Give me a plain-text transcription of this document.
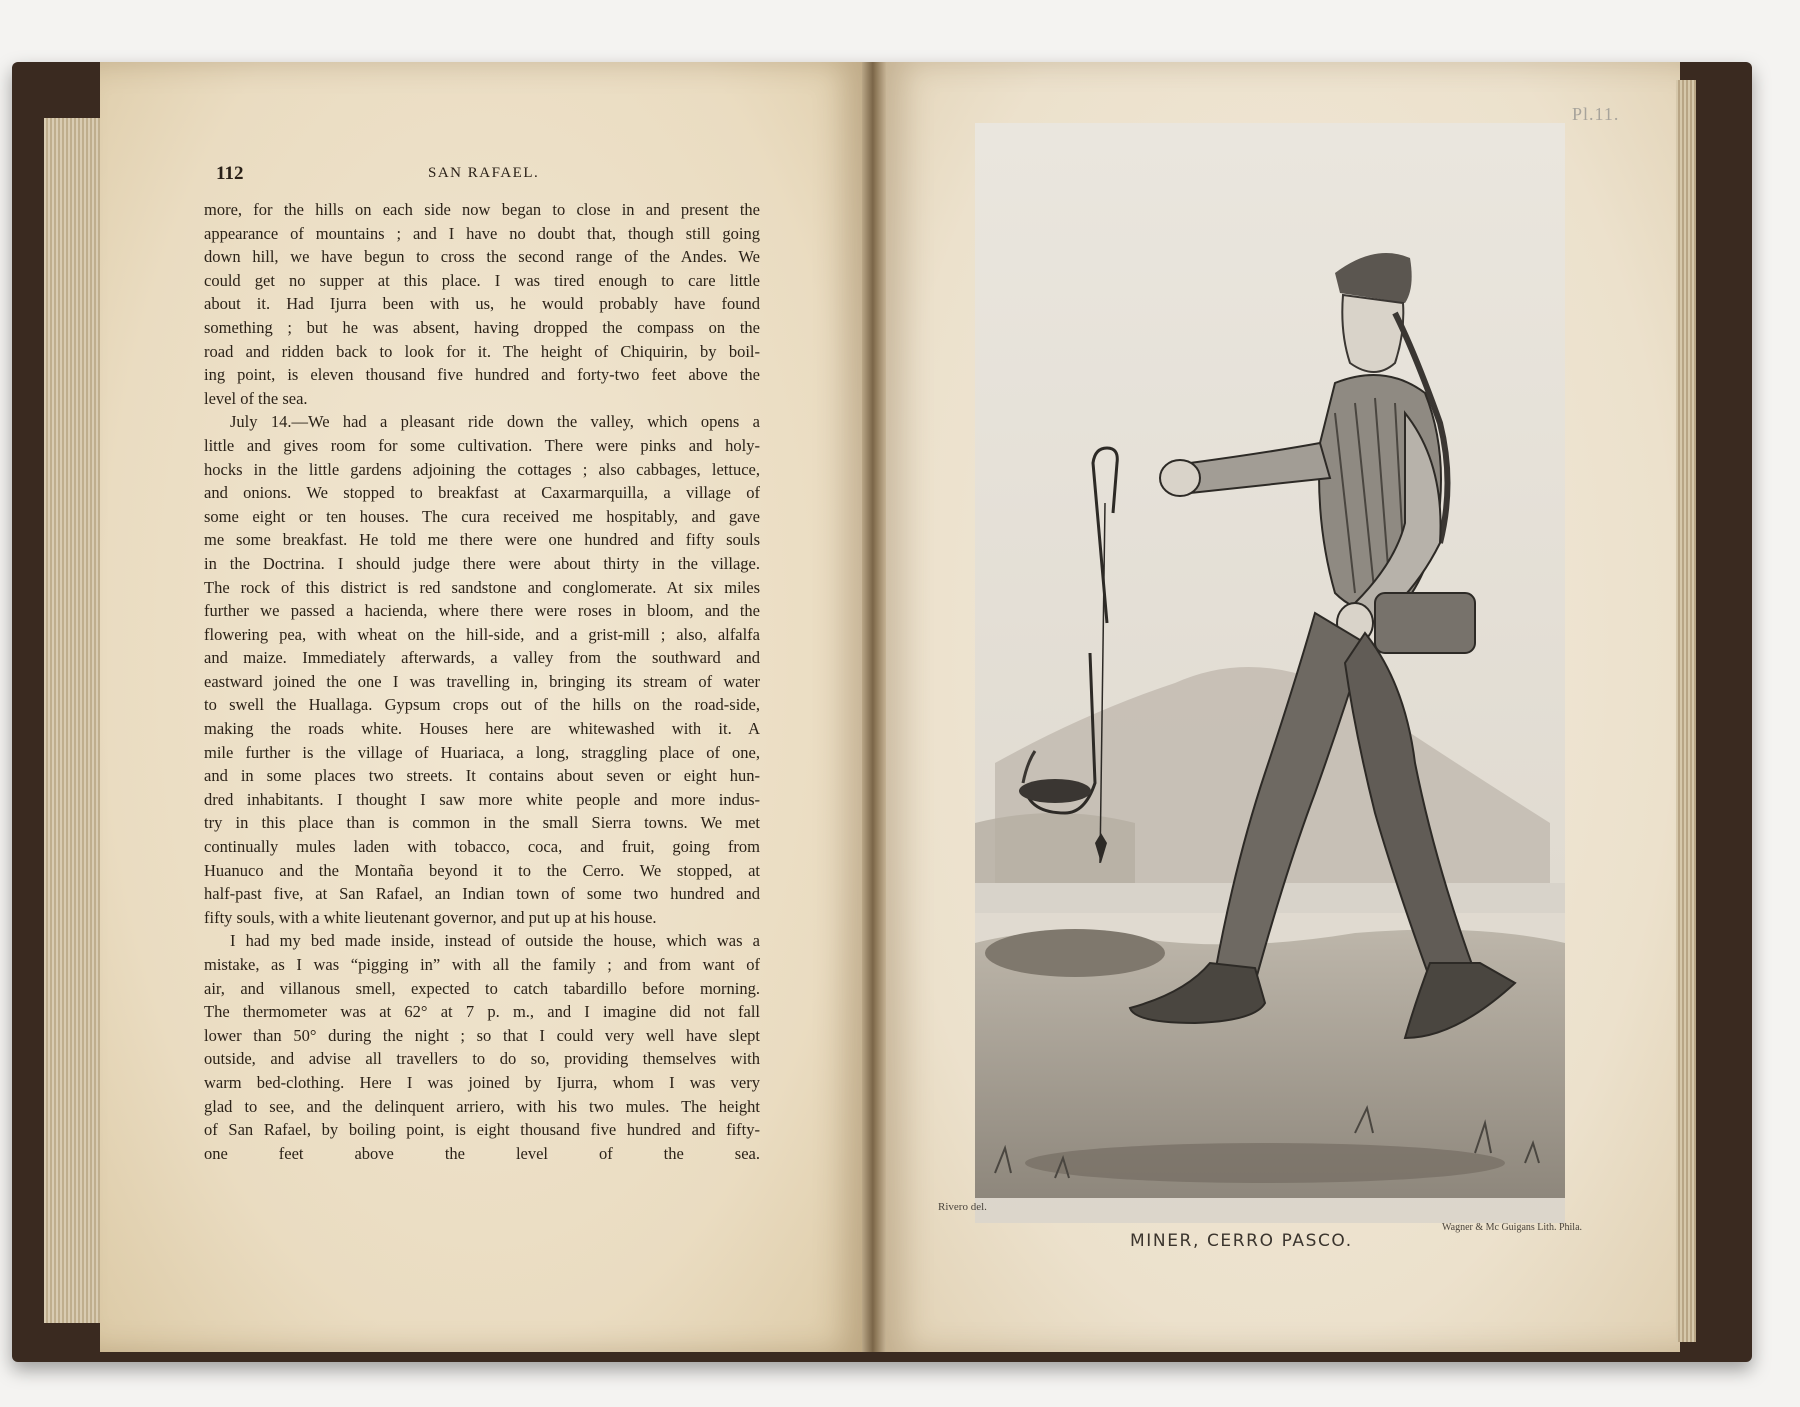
112	SAN RAFAEL.
more, for the hills on each side now began to close in and present the
appearance of mountains ; and I have no doubt that, though still going
down hill, we have begun to cross the second range of the Andes. We
could get no supper at this place. I was tired enough to care little
about it. Had Ijurra been with us, he would probably have found
something ; but he was absent, having dropped the compass on the
road and ridden back to look for it. The height of Chiquirin, by boil-
ing point, is eleven thousand five hundred and forty-two feet above the
level of the sea.
July 14.—We had a pleasant ride down the valley, which opens a
little and gives room for some cultivation. There were pinks and holy-
hocks in the little gardens adjoining the cottages ; also cabbages, lettuce,
and onions. We stopped to breakfast at Caxarmarquilla, a village of
some eight or ten houses. The cura received me hospitably, and gave
me some breakfast. He told me there were one hundred and fifty souls
in the Doctrina. I should judge there were about thirty in the village.
The rock of this district is red sandstone and conglomerate. At six miles
further we passed a hacienda, where there were roses in bloom, and the
flowering pea, with wheat on the hill-side, and a grist-mill ; also, alfalfa
and maize. Immediately afterwards, a valley from the southward and
eastward joined the one I was travelling in, bringing its stream of water
to swell the Huallaga. Gypsum crops out of the hills on the road-side,
making the roads white. Houses here are whitewashed with it. A
mile further is the village of Huariaca, a long, straggling place of one,
and in some places two streets. It contains about seven or eight hun-
dred inhabitants. I thought I saw more white people and more indus-
try in this place than is common in the small Sierra towns. We met
continually mules laden with tobacco, coca, and fruit, going from
Huanuco and the Montaña beyond it to the Cerro. We stopped, at
half-past five, at San Rafael, an Indian town of some two hundred and
fifty souls, with a white lieutenant governor, and put up at his house.
I had my bed made inside, instead of outside the house, which was a
mistake, as I was “pigging in” with all the family ; and from want of
air, and villanous smell, expected to catch tabardillo before morning.
The thermometer was at 62° at 7 p. m., and I imagine did not fall
lower than 50° during the night ; so that I could very well have slept
outside, and advise all travellers to do so, providing themselves with
warm bed-clothing. Here I was joined by Ijurra, whom I was very
glad to see, and the delinquent arriero, with his two mules. The height
of San Rafael, by boiling point, is eight thousand five hundred and fifty-
one feet above the level of the sea.
Pl.11.
Rivero del.
MINER, CERRO PASCO.
Wagner & Mc Guigans Lith. Phila.
